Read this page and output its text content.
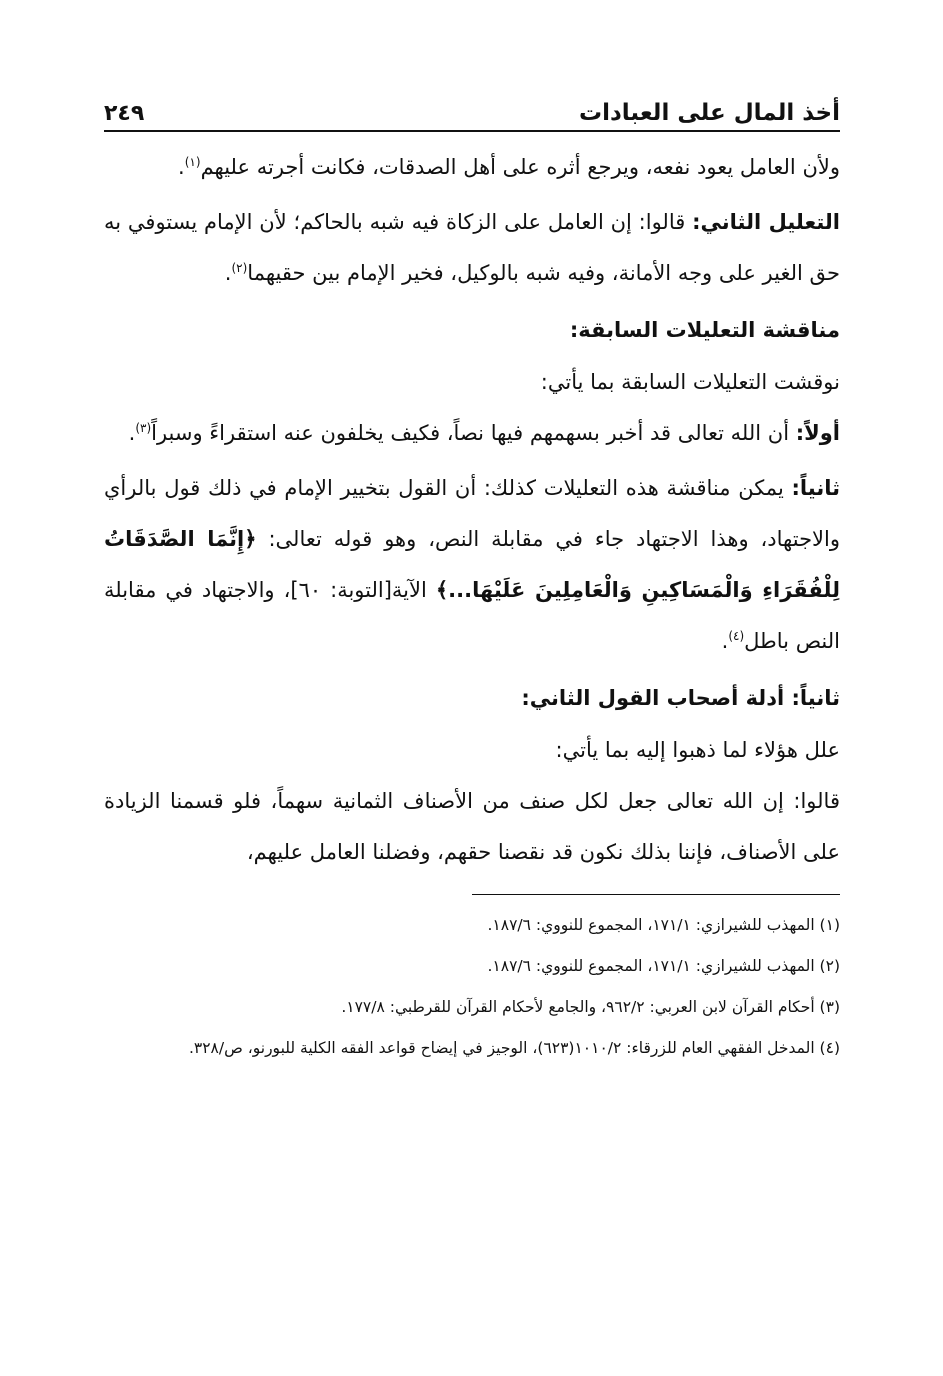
أخذ المال على العبادات
٢٤٩

ولأن العامل يعود نفعه، ويرجع أثره على أهل الصدقات، فكانت أجرته عليهم$^{(١)}$.

التعليل الثاني: قالوا: إن العامل على الزكاة فيه شبه بالحاكم؛ لأن الإمام يستوفي به حق الغير على وجه الأمانة، وفيه شبه بالوكيل، فخير الإمام بين حقيهما$^{(٢)}$.

مناقشة التعليلات السابقة:

نوقشت التعليلات السابقة بما يأتي:

أولاً: أن الله تعالى قد أخبر بسهمهم فيها نصاً، فكيف يخلفون عنه استقراءً وسبراً$^{(٣)}$.

ثانياً: يمكن مناقشة هذه التعليلات كذلك: أن القول بتخيير الإمام في ذلك قول بالرأي والاجتهاد، وهذا الاجتهاد جاء في مقابلة النص، وهو قوله تعالى: ﴿إِنَّمَا الصَّدَقَاتُ لِلْفُقَرَاءِ وَالْمَسَاكِينِ وَالْعَامِلِينَ عَلَيْهَا...﴾ الآية[التوبة: ٦٠]، والاجتهاد في مقابلة النص باطل$^{(٤)}$.

ثانياً: أدلة أصحاب القول الثاني:

علل هؤلاء لما ذهبوا إليه بما يأتي:

قالوا: إن الله تعالى جعل لكل صنف من الأصناف الثمانية سهماً، فلو قسمنا الزيادة على الأصناف، فإننا بذلك نكون قد نقصنا حقهم، وفضلنا العامل عليهم،

(١) المهذب للشيرازي: ١٧١/١، المجموع للنووي: ١٨٧/٦.

(٢) المهذب للشيرازي: ١٧١/١، المجموع للنووي: ١٨٧/٦.

(٣) أحكام القرآن لابن العربي: ٩٦٢/٢، والجامع لأحكام القرآن للقرطبي: ١٧٧/٨.

(٤) المدخل الفقهي العام للزرقاء: ١٠١٠/٢(٦٢٣)، الوجيز في إيضاح قواعد الفقه الكلية للبورنو، ص/٣٢٨.
